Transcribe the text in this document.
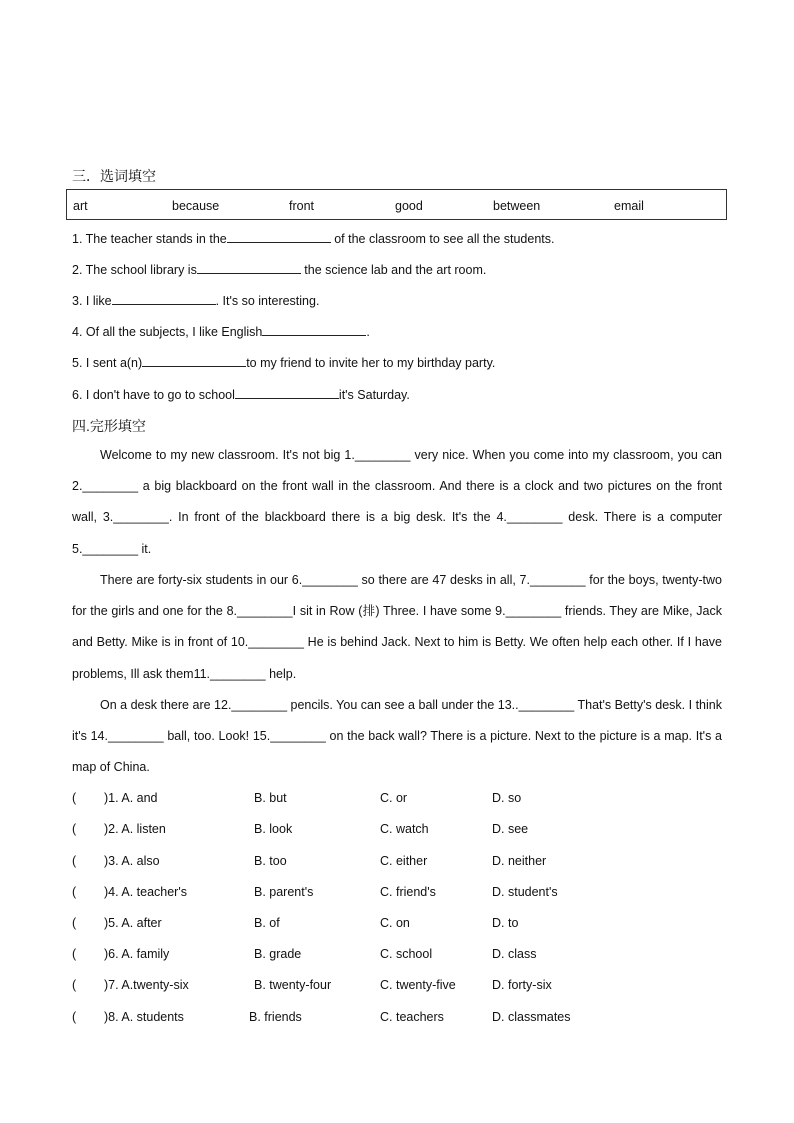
三．选词填空
art	because	front	good	between	email
1. The teacher stands in the	of the classroom to see all the students.
2. The school library is	the science lab and the art room.
3. I like	. It's so interesting.
4. Of all the subjects, I like English	.
5. I sent a(n)	to my friend to invite her to my birthday party.
6. I don't have to go to school	it's Saturday.
四.完形填空

Welcome to my new classroom. It's not big 1.________ very nice. When you come into my classroom, you can 2.________ a big blackboard on the front wall in the classroom. And there is a clock and two pictures on the front wall, 3.________. In front of the blackboard there is a big desk. It's the 4.________ desk. There is a computer 5.________ it.

There are forty-six students in our 6.________ so there are 47 desks in all, 7.________ for the boys, twenty-two for the girls and one for the 8.________I sit in Row (排) Three. I have some 9.________ friends. They are Mike, Jack and Betty. Mike is in front of 10.________ He is behind Jack. Next to him is Betty. We often help each other. If I have problems, Ill ask them11.________ help.

On a desk there are 12.________ pencils. You can see a ball under the 13..________ That's Betty's desk. I think it's 14.________ ball, too. Look! 15.________ on the back wall? There is a picture. Next to the picture is a map. It's a map of China.

( )1. A. and	B. but	C. or	D. so
( )2. A. listen	B. look	C. watch	D. see
( )3. A. also	B. too	C. either	D. neither
( )4. A. teacher's	B. parent's	C. friend's	D. student's
( )5. A. after	B. of	C. on	D. to
( )6. A. family	B. grade	C. school	D. class
( )7. A.twenty-six	B. twenty-four	C. twenty-five	D. forty-six
( )8. A. students	B. friends	C. teachers	D. classmates
